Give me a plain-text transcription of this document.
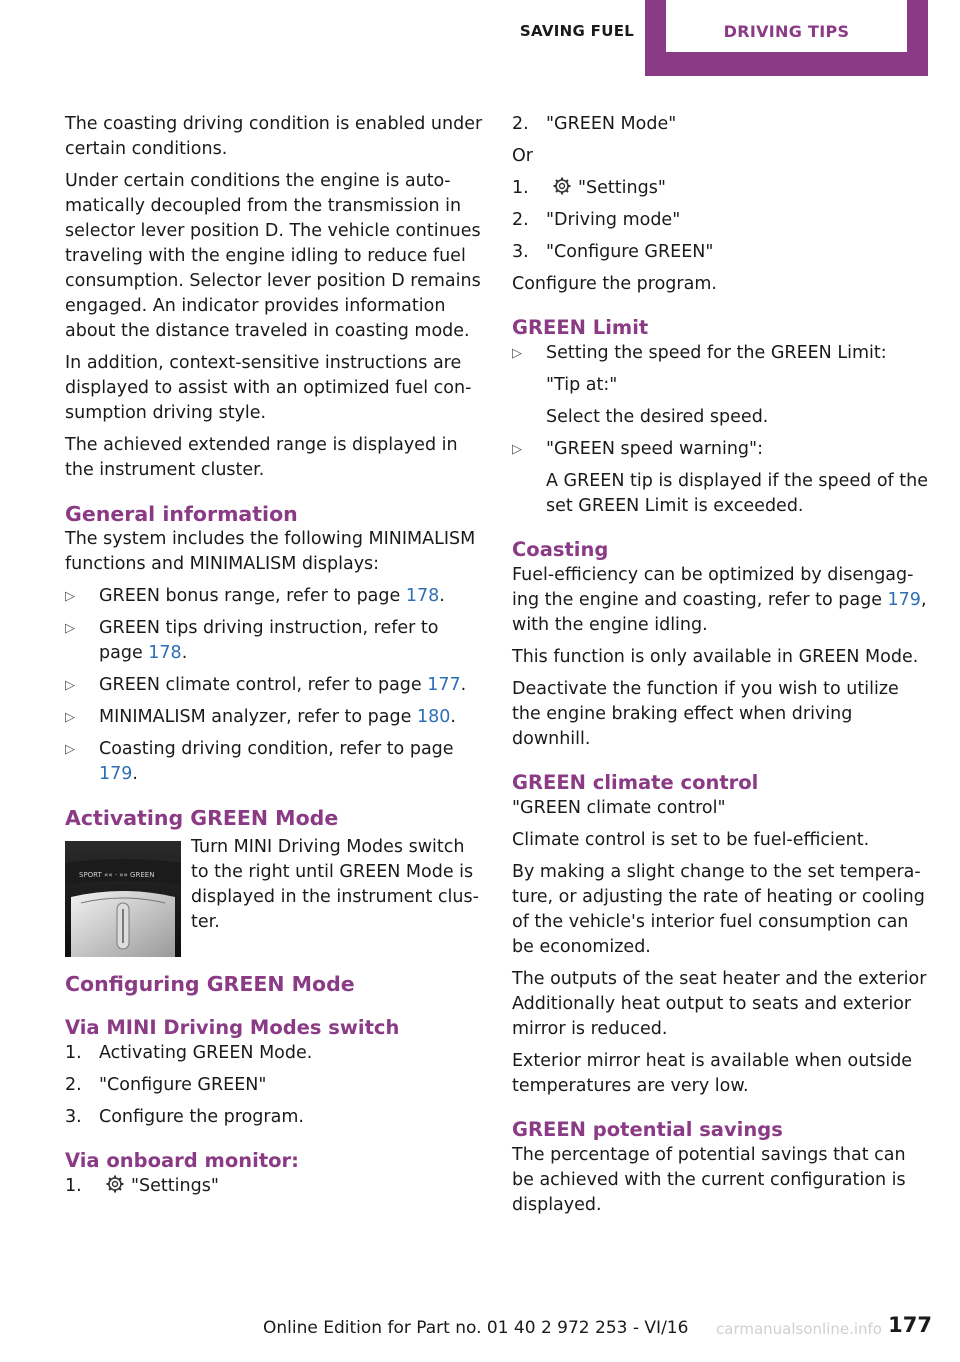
SAVING FUEL	DRIVING TIPS

The coasting driving condition is enabled under certain conditions.

Under certain conditions the engine is automatically decoupled from the transmission in selector lever position D. The vehicle continues traveling with the engine idling to reduce fuel consumption. Selector lever position D remains engaged. An indicator provides information about the distance traveled in coasting mode.

In addition, context-sensitive instructions are displayed to assist with an optimized fuel consumption driving style.

The achieved extended range is displayed in the instrument cluster.

General information

The system includes the following MINIMALISM functions and MINIMALISM displays:

▷	GREEN bonus range, refer to page 178.
▷	GREEN tips driving instruction, refer to page 178.
▷	GREEN climate control, refer to page 177.
▷	MINIMALISM analyzer, refer to page 180.
▷	Coasting driving condition, refer to page 179.
Activating GREEN Mode
SPORT «« · »» GREEN
Turn MINI Driving Modes switch to the right until GREEN Mode is displayed in the instrument cluster.
Configuring GREEN Mode
Via MINI Driving Modes switch
1. Activating GREEN Mode.
2. "Configure GREEN"
3. Configure the program.
Via onboard monitor:
1.	"Settings"
2. "GREEN Mode"

Or

1.	"Settings"
2. "Driving mode"
3. "Configure GREEN"

Configure the program.

GREEN Limit
▷	Setting the speed for the GREEN Limit:
"Tip at:"
Select the desired speed.
▷	"GREEN speed warning":
A GREEN tip is displayed if the speed of the set GREEN Limit is exceeded.
Coasting

Fuel-efficiency can be optimized by disengaging the engine and coasting, refer to page 179, with the engine idling.

This function is only available in GREEN Mode.

Deactivate the function if you wish to utilize the engine braking effect when driving downhill.

GREEN climate control

"GREEN climate control"

Climate control is set to be fuel-efficient.

By making a slight change to the set temperature, or adjusting the rate of heating or cooling of the vehicle's interior fuel consumption can be economized.

The outputs of the seat heater and the exterior Additionally heat output to seats and exterior mirror is reduced.

Exterior mirror heat is available when outside temperatures are very low.

GREEN potential savings

The percentage of potential savings that can be achieved with the current configuration is displayed.

Online Edition for Part no. 01 40 2 972 253 - VI/16	carmanualsonline.info 177
